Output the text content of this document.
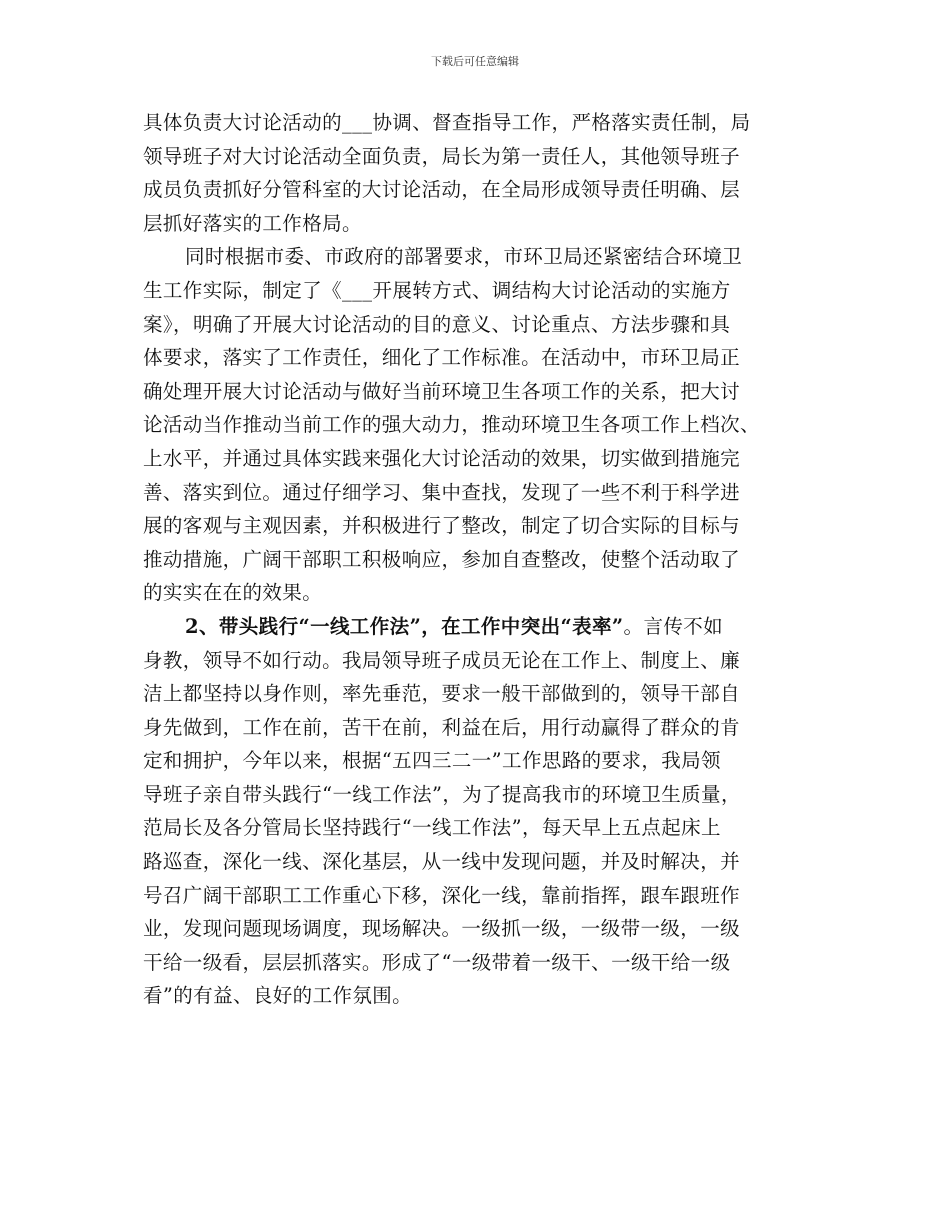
下载后可任意编辑
具体负责大讨论活动的___协调、督查指导工作，严格落实责任制，局
领导班子对大讨论活动全面负责，局长为第一责任人，其他领导班子
成员负责抓好分管科室的大讨论活动，在全局形成领导责任明确、层
层抓好落实的工作格局。
同时根据市委、市政府的部署要求，市环卫局还紧密结合环境卫
生工作实际，制定了《___开展转方式、调结构大讨论活动的实施方
案》，明确了开展大讨论活动的目的意义、讨论重点、方法步骤和具
体要求，落实了工作责任，细化了工作标准。在活动中，市环卫局正
确处理开展大讨论活动与做好当前环境卫生各项工作的关系，把大讨
论活动当作推动当前工作的强大动力，推动环境卫生各项工作上档次、
上水平，并通过具体实践来强化大讨论活动的效果，切实做到措施完
善、落实到位。通过仔细学习、集中查找，发现了一些不利于科学进
展的客观与主观因素，并积极进行了整改，制定了切合实际的目标与
推动措施，广阔干部职工积极响应，参加自查整改，使整个活动取了
的实实在在的效果。
2、带头践行“一线工作法”，在工作中突出“表率”。言传不如
身教，领导不如行动。我局领导班子成员无论在工作上、制度上、廉
洁上都坚持以身作则，率先垂范，要求一般干部做到的，领导干部自
身先做到，工作在前，苦干在前，利益在后，用行动赢得了群众的肯
定和拥护，今年以来，根据“五四三二一”工作思路的要求，我局领
导班子亲自带头践行“一线工作法”，为了提高我市的环境卫生质量，
范局长及各分管局长坚持践行“一线工作法”，每天早上五点起床上
路巡查，深化一线、深化基层，从一线中发现问题，并及时解决，并
号召广阔干部职工工作重心下移，深化一线，靠前指挥，跟车跟班作
业，发现问题现场调度，现场解决。一级抓一级，一级带一级，一级
干给一级看，层层抓落实。形成了“一级带着一级干、一级干给一级
看”的有益、良好的工作氛围。
